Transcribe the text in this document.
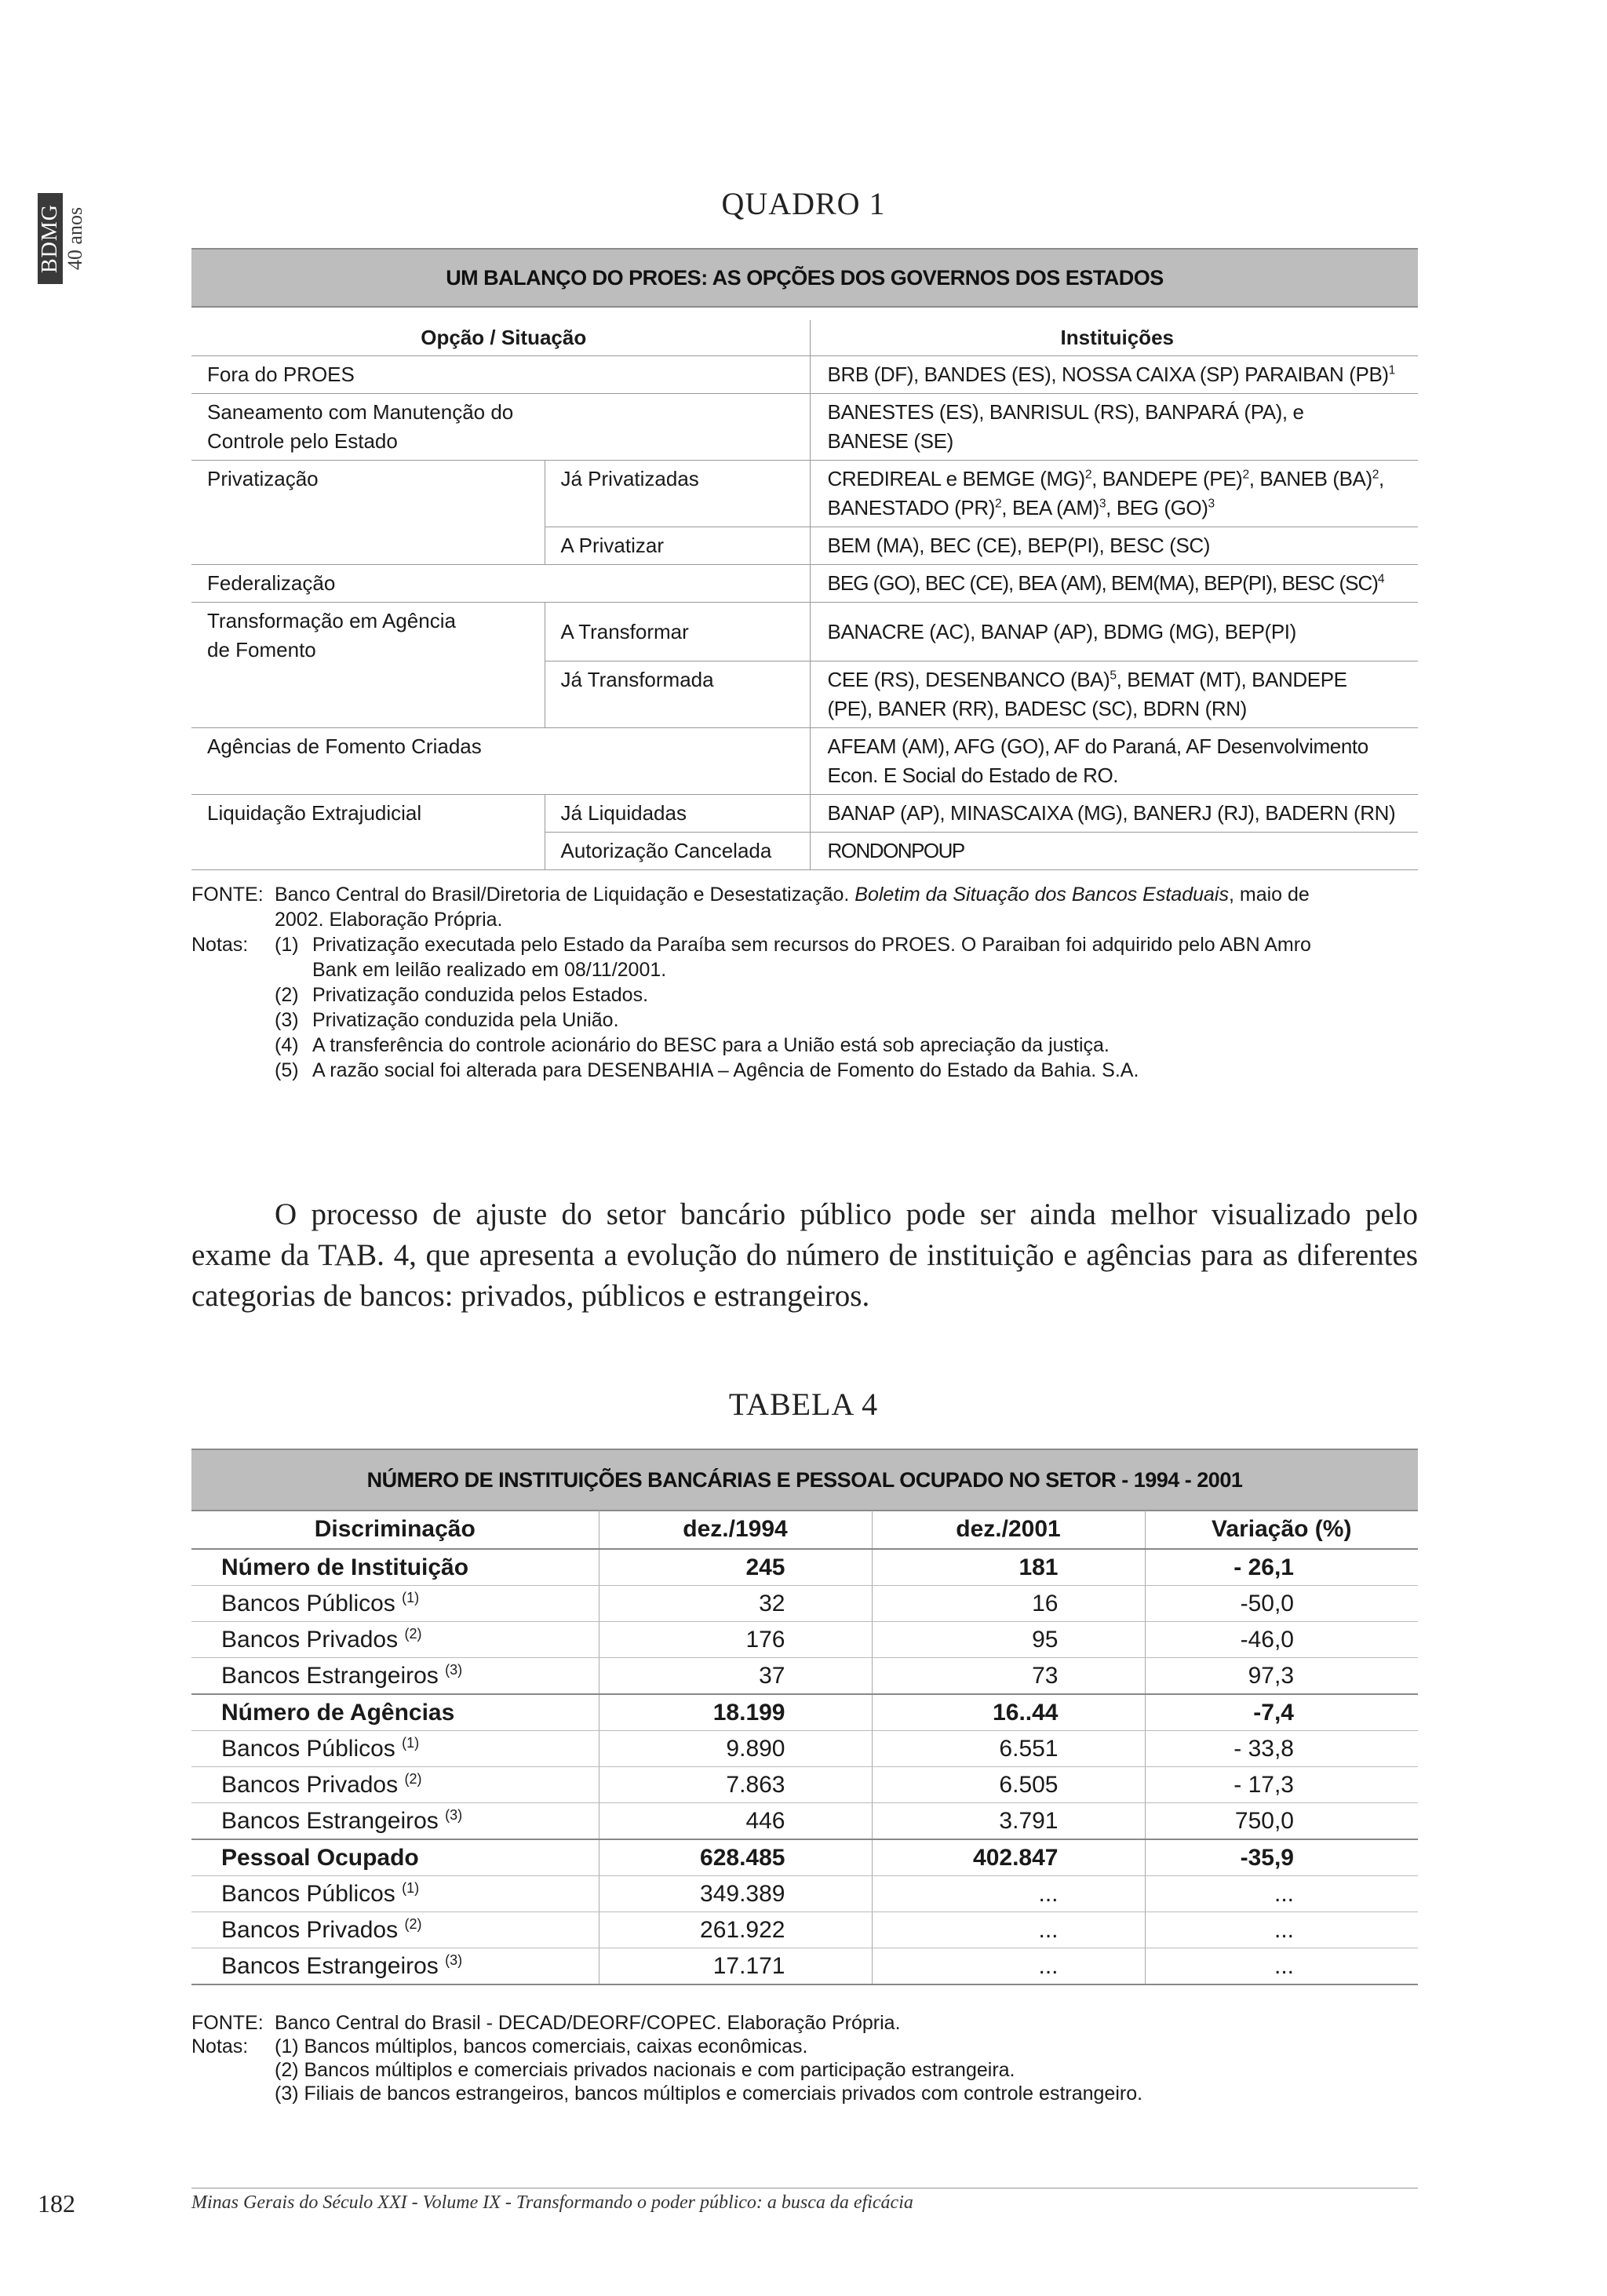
BDMG 40 anos
QUADRO 1
UM BALANÇO DO PROES: AS OPÇÕES DOS GOVERNOS DOS ESTADOS
Opção / Situação		Instituições
Fora do PROES		BRB (DF), BANDES (ES), NOSSA CAIXA (SP) PARAIBAN (PB)$^1$
Saneamento com Manutenção do
Controle pelo Estado		BANESTES (ES), BANRISUL (RS), BANPARÁ (PA), e
BANESE (SE)
Privatização	Já Privatizadas	CREDIREAL e BEMGE (MG)$^2$, BANDEPE (PE)$^2$, BANEB (BA)$^2$,
BANESTADO (PR)$^2$, BEA (AM)$^3$, BEG (GO)$^3$
	A Privatizar	BEM (MA), BEC (CE), BEP(PI), BESC (SC)
Federalização		BEG (GO), BEC (CE), BEA (AM), BEM(MA), BEP(PI), BESC (SC)$^4$
Transformação em Agência
de Fomento	A Transformar	BANACRE (AC), BANAP (AP), BDMG (MG), BEP(PI)
	Já Transformada	CEE (RS), DESENBANCO (BA)$^5$, BEMAT (MT), BANDEPE
(PE), BANER (RR), BADESC (SC), BDRN (RN)
Agências de Fomento Criadas		AFEAM (AM), AFG (GO), AF do Paraná, AF Desenvolvimento
Econ. E Social do Estado de RO.
Liquidação Extrajudicial	Já Liquidadas	BANAP (AP), MINASCAIXA (MG), BANERJ (RJ), BADERN (RN)
	Autorização Cancelada	RONDONPOUP
FONTE: Banco Central do Brasil/Diretoria de Liquidação e Desestatização. Boletim da Situação dos Bancos Estaduais, maio de
2002. Elaboração Própria.
Notas:	(1) Privatização executada pelo Estado da Paraíba sem recursos do PROES. O Paraiban foi adquirido pelo ABN Amro
Bank em leilão realizado em 08/11/2001.
(2) Privatização conduzida pelos Estados.
(3) Privatização conduzida pela União.
(4) A transferência do controle acionário do BESC para a União está sob apreciação da justiça.
(5) A razão social foi alterada para DESENBAHIA – Agência de Fomento do Estado da Bahia. S.A.

O processo de ajuste do setor bancário público pode ser ainda melhor visualizado pelo exame da TAB. 4, que apresenta a evolução do número de instituição e agências para as diferentes categorias de bancos: privados, públicos e estrangeiros.

TABELA 4
NÚMERO DE INSTITUIÇÕES BANCÁRIAS E PESSOAL OCUPADO NO SETOR - 1994 - 2001
Discriminação	dez./1994	dez./2001	Variação (%)
Número de Instituição	245	181	- 26,1
Bancos Públicos $^{(1)}$	32	16	-50,0
Bancos Privados $^{(2)}$	176	95	-46,0
Bancos Estrangeiros $^{(3)}$	37	73	97,3
Número de Agências	18.199	16..44	-7,4
Bancos Públicos $^{(1)}$	9.890	6.551	- 33,8
Bancos Privados $^{(2)}$	7.863	6.505	- 17,3
Bancos Estrangeiros $^{(3)}$	446	3.791	750,0
Pessoal Ocupado	628.485	402.847	-35,9
Bancos Públicos $^{(1)}$	349.389	...	...
Bancos Privados $^{(2)}$	261.922	...	...
Bancos Estrangeiros $^{(3)}$	17.171	...	...
FONTE: Banco Central do Brasil - DECAD/DEORF/COPEC. Elaboração Própria.
Notas:	(1) Bancos múltiplos, bancos comerciais, caixas econômicas.
(2) Bancos múltiplos e comerciais privados nacionais e com participação estrangeira.
(3) Filiais de bancos estrangeiros, bancos múltiplos e comerciais privados com controle estrangeiro.
182	Minas Gerais do Século XXI - Volume IX - Transformando o poder público: a busca da eficácia
